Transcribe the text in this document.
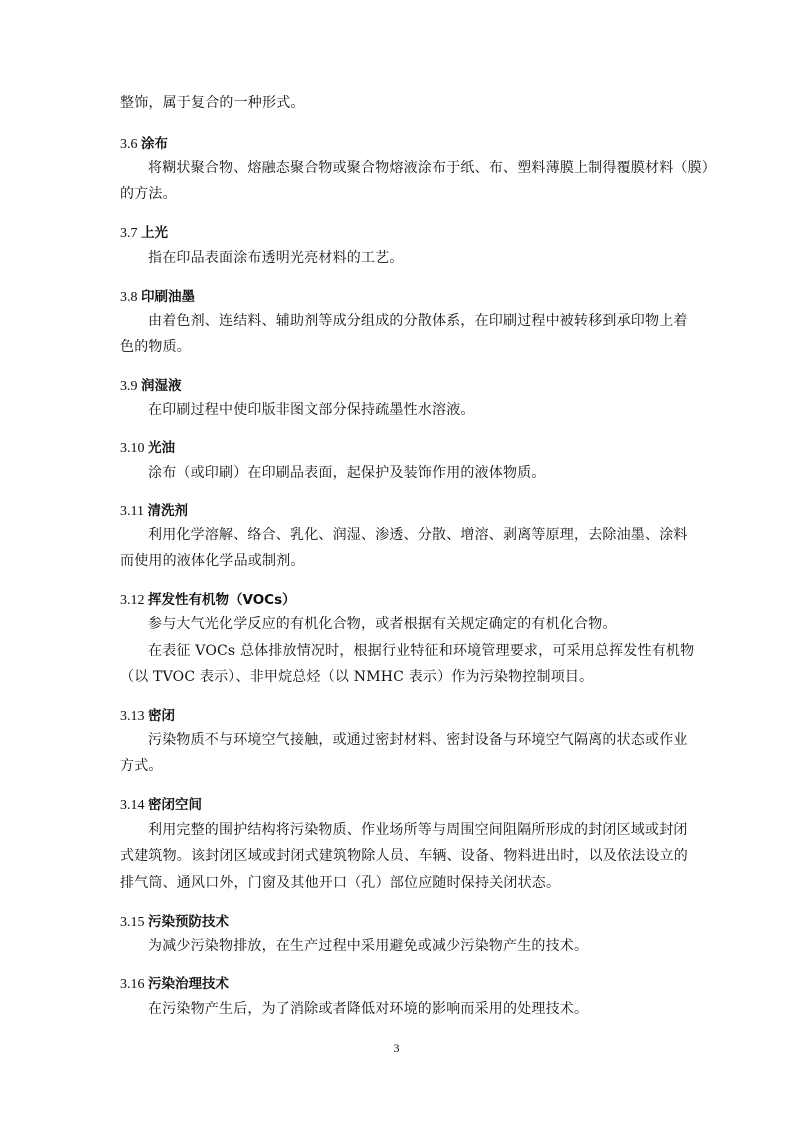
整饰，属于复合的一种形式。
3.6 涂布
将糊状聚合物、熔融态聚合物或聚合物熔液涂布于纸、布、塑料薄膜上制得覆膜材料（膜）
的方法。
3.7 上光
指在印品表面涂布透明光亮材料的工艺。
3.8 印刷油墨
由着色剂、连结料、辅助剂等成分组成的分散体系，在印刷过程中被转移到承印物上着
色的物质。
3.9 润湿液
在印刷过程中使印版非图文部分保持疏墨性水溶液。
3.10 光油
涂布（或印刷）在印刷品表面，起保护及装饰作用的液体物质。
3.11 清洗剂
利用化学溶解、络合、乳化、润湿、渗透、分散、增溶、剥离等原理，去除油墨、涂料
而使用的液体化学品或制剂。
3.12 挥发性有机物（VOCs）
参与大气光化学反应的有机化合物，或者根据有关规定确定的有机化合物。
在表征 VOCs 总体排放情况时，根据行业特征和环境管理要求，可采用总挥发性有机物
（以 TVOC 表示）、非甲烷总烃（以 NMHC 表示）作为污染物控制项目。
3.13 密闭
污染物质不与环境空气接触，或通过密封材料、密封设备与环境空气隔离的状态或作业
方式。
3.14 密闭空间
利用完整的围护结构将污染物质、作业场所等与周围空间阻隔所形成的封闭区域或封闭
式建筑物。该封闭区域或封闭式建筑物除人员、车辆、设备、物料进出时，以及依法设立的
排气筒、通风口外，门窗及其他开口（孔）部位应随时保持关闭状态。
3.15 污染预防技术
为减少污染物排放，在生产过程中采用避免或减少污染物产生的技术。
3.16 污染治理技术
在污染物产生后，为了消除或者降低对环境的影响而采用的处理技术。
3
